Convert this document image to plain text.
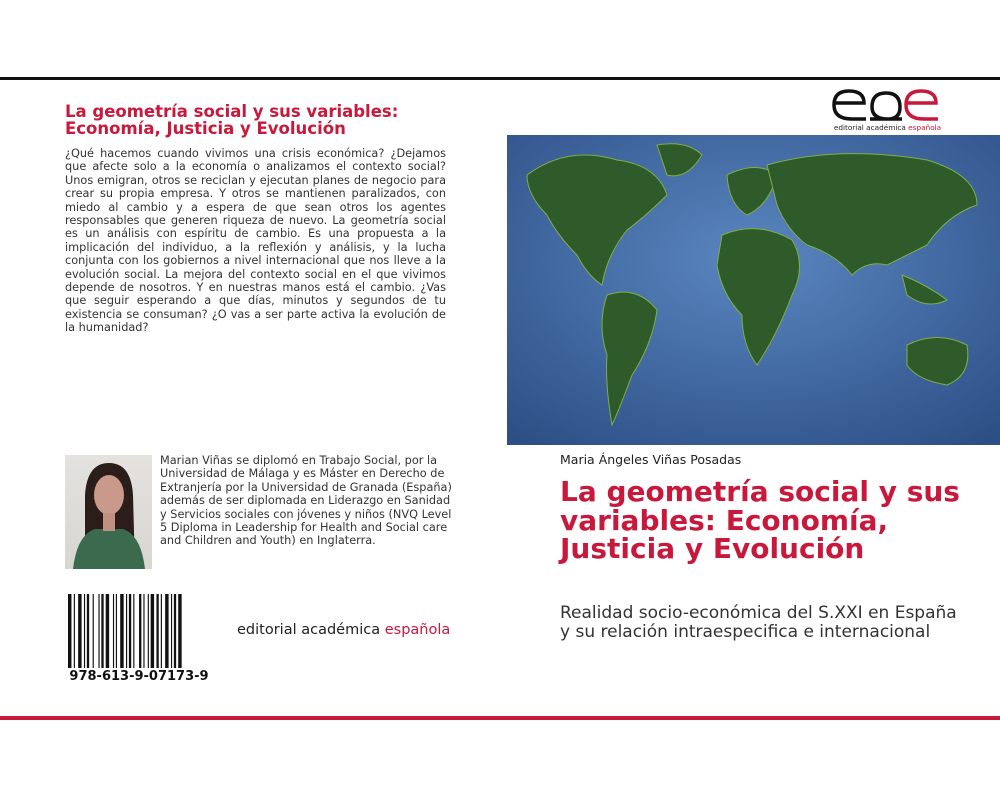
La geometría social y sus variables: Economía, Justicia y Evolución
¿Qué hacemos cuando vivimos una crisis económica? ¿Dejamos que afecte solo a la economía o analizamos el contexto social? Unos emigran, otros se reciclan y ejecutan planes de negocio para crear su propia empresa. Y otros se mantienen paralizados, con miedo al cambio y a espera de que sean otros los agentes responsables que generen riqueza de nuevo. La geometría social es un análisis con espíritu de cambio. Es una propuesta a la implicación del individuo, a la reflexión y análisis, y la lucha conjunta con los gobiernos a nivel internacional que nos lleve a la evolución social. La mejora del contexto social en el que vivimos depende de nosotros. Y en nuestras manos está el cambio. ¿Vas que seguir esperando a que días, minutos y segundos de tu existencia se consuman? ¿O vas a ser parte activa la evolución de la humanidad?
Marian Viñas se diplomó en Trabajo Social, por la Universidad de Málaga y es Máster en Derecho de Extranjería por la Universidad de Granada (España) además de ser diplomada en Liderazgo en Sanidad y Servicios sociales con jóvenes y niños (NVQ Level 5 Diploma in Leadership for Health and Social care and Children and Youth) en Inglaterra.
978-613-9-07173-9
editorial académica española
editorial académica española
Maria Ángeles Viñas Posadas
La geometría social y sus variables: Economía, Justicia y Evolución
Realidad socio-económica del S.XXI en España y su relación intraespecifica e internacional
